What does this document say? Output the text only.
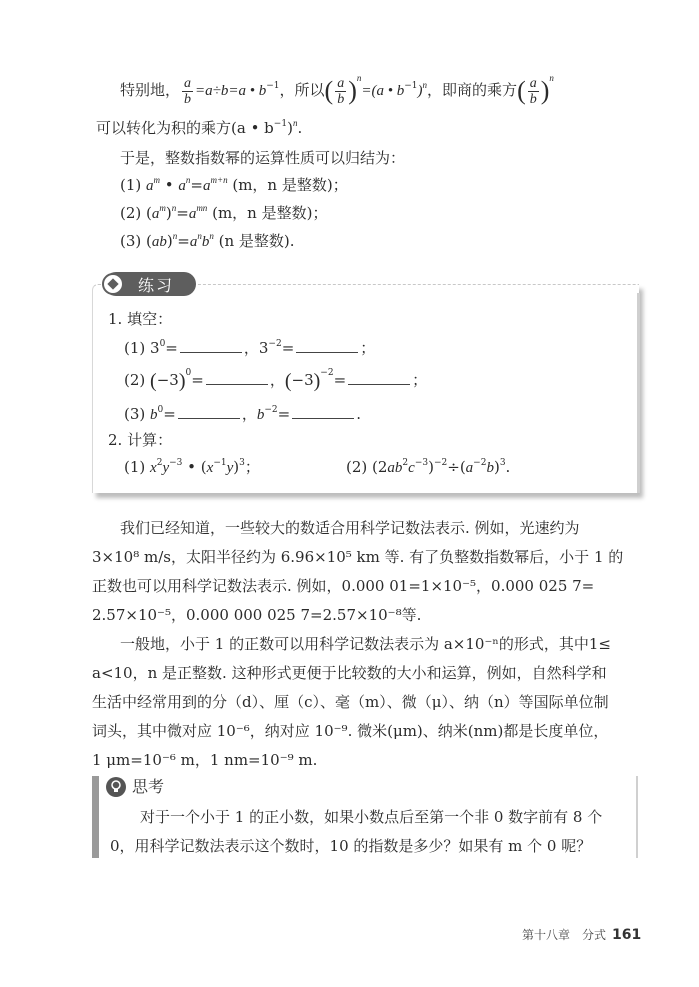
特别地， $\frac{a}{b} =a\div b=a$ • $b^{-1}$，所以( $\frac{a}{b} )^n=(a$ • $b^{-1})^n$，即商的乘方( $\frac{a}{b} )^n$
可以转化为积的乘方(a • $b^{-1})^n$.
于是，整数指数幂的运算性质可以归结为：
(1) $a^m$ • $a^n=a^{m+n}$ (m，n 是整数)；
(2) $(a^m)^n=a^{mn}$ (m，n 是整数)；
(3) $(ab)^n=a^nb^n$ (n 是整数).
练习
1. 填空：
(1) $3^0=$	，$3^{-2}=$	；
(2) $(-3)^0=$	，$(-3)^{-2}=$	；
(3) $b^0=$	，$b^{-2}=$	.
2. 计算：
(1) $x^2y^{-3}$ • $(x^{-1}y)^3$；	(2) $(2ab^2c^{-3})^{-2}\div(a^{-2}b)^3$.
我们已经知道，一些较大的数适合用科学记数法表示. 例如，光速约为
3×10⁸ m/s，太阳半径约为 6.96×10⁵ km 等. 有了负整数指数幂后，小于 1 的
正数也可以用科学记数法表示. 例如，0.000 01=1×10⁻⁵，0.000 025 7=
2.57×10⁻⁵，0.000 000 025 7=2.57×10⁻⁸等.
一般地，小于 1 的正数可以用科学记数法表示为 a×10⁻ⁿ的形式，其中1≤
a<10，n 是正整数. 这种形式更便于比较数的大小和运算，例如，自然科学和
生活中经常用到的分（d）、厘（c）、毫（m）、微（μ）、纳（n）等国际单位制
词头，其中微对应 10⁻⁶，纳对应 10⁻⁹. 微米(μm)、纳米(nm)都是长度单位，
1 μm=10⁻⁶ m，1 nm=10⁻⁹ m.
思考
对于一个小于 1 的正小数，如果小数点后至第一个非 0 数字前有 8 个
0，用科学记数法表示这个数时，10 的指数是多少？如果有 m 个 0 呢？
第十八章　分式 161
